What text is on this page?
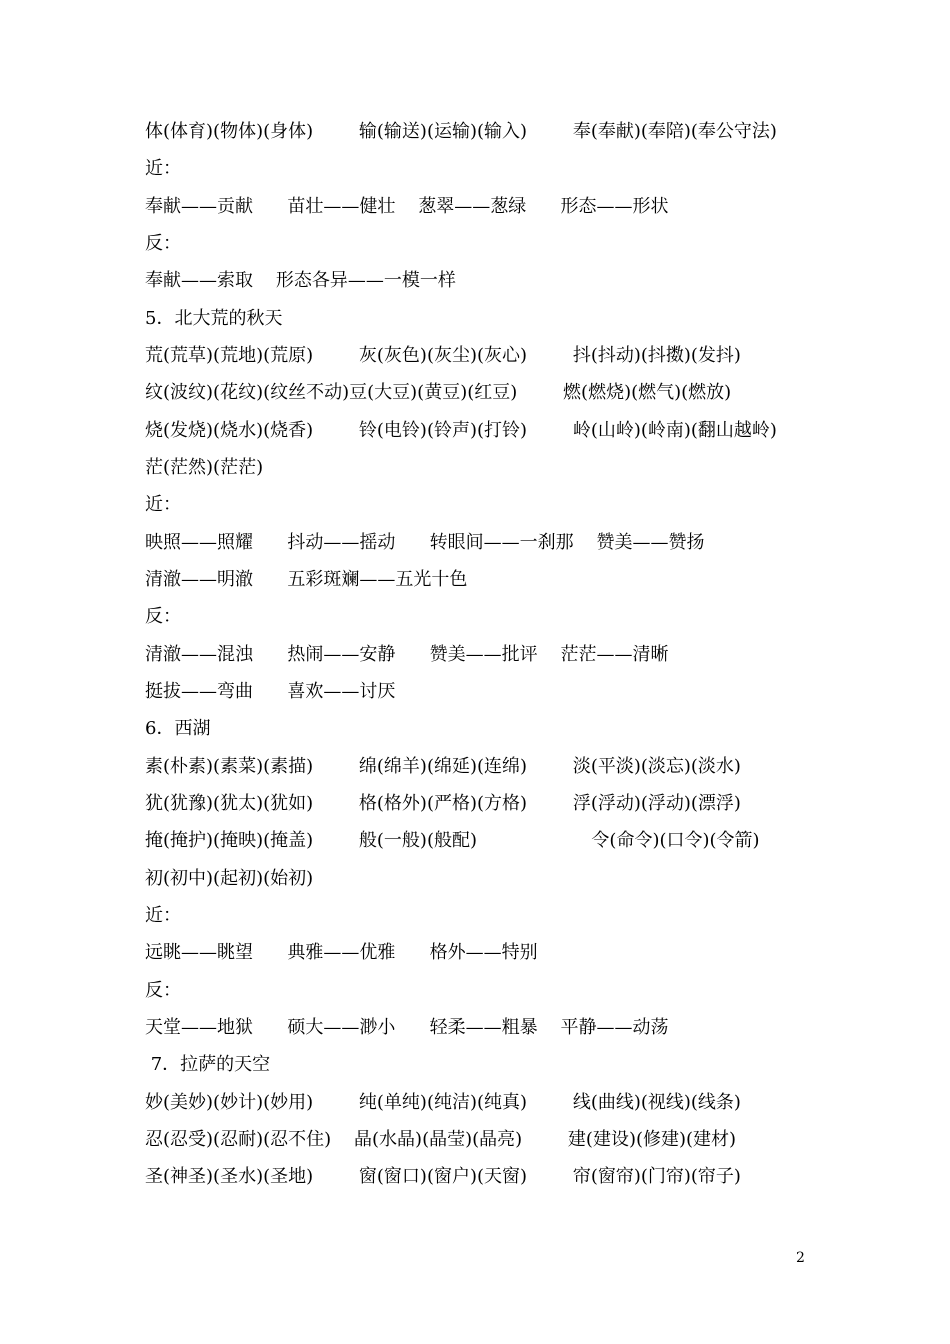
体(体育)(物体)(身体)        输(输送)(运输)(输入)        奉(奉献)(奉陪)(奉公守法)
近：
奉献——贡献      苗壮——健壮    葱翠——葱绿      形态——形状
反：
奉献——索取    形态各异——一模一样
5．北大荒的秋天
荒(荒草)(荒地)(荒原)        灰(灰色)(灰尘)(灰心)        抖(抖动)(抖擞)(发抖)
纹(波纹)(花纹)(纹丝不动)豆(大豆)(黄豆)(红豆)        燃(燃烧)(燃气)(燃放)
烧(发烧)(烧水)(烧香)        铃(电铃)(铃声)(打铃)        岭(山岭)(岭南)(翻山越岭)
茫(茫然)(茫茫)
近：
映照——照耀      抖动——摇动      转眼间——一刹那    赞美——赞扬
清澈——明澈      五彩斑斓——五光十色
反：
清澈——混浊      热闹——安静      赞美——批评    茫茫——清晰
挺拔——弯曲      喜欢——讨厌
6．西湖
素(朴素)(素菜)(素描)        绵(绵羊)(绵延)(连绵)        淡(平淡)(淡忘)(淡水)
犹(犹豫)(犹太)(犹如)        格(格外)(严格)(方格)        浮(浮动)(浮动)(漂浮)
掩(掩护)(掩映)(掩盖)        般(一般)(般配)                    令(命令)(口令)(令箭)
初(初中)(起初)(始初)
近：
远眺——眺望      典雅——优雅      格外——特别
反：
天堂——地狱      硕大——渺小      轻柔——粗暴    平静——动荡
7．拉萨的天空
妙(美妙)(妙计)(妙用)        纯(单纯)(纯洁)(纯真)        线(曲线)(视线)(线条)
忍(忍受)(忍耐)(忍不住)    晶(水晶)(晶莹)(晶亮)        建(建设)(修建)(建材)
圣(神圣)(圣水)(圣地)        窗(窗口)(窗户)(天窗)        帘(窗帘)(门帘)(帘子)
2
